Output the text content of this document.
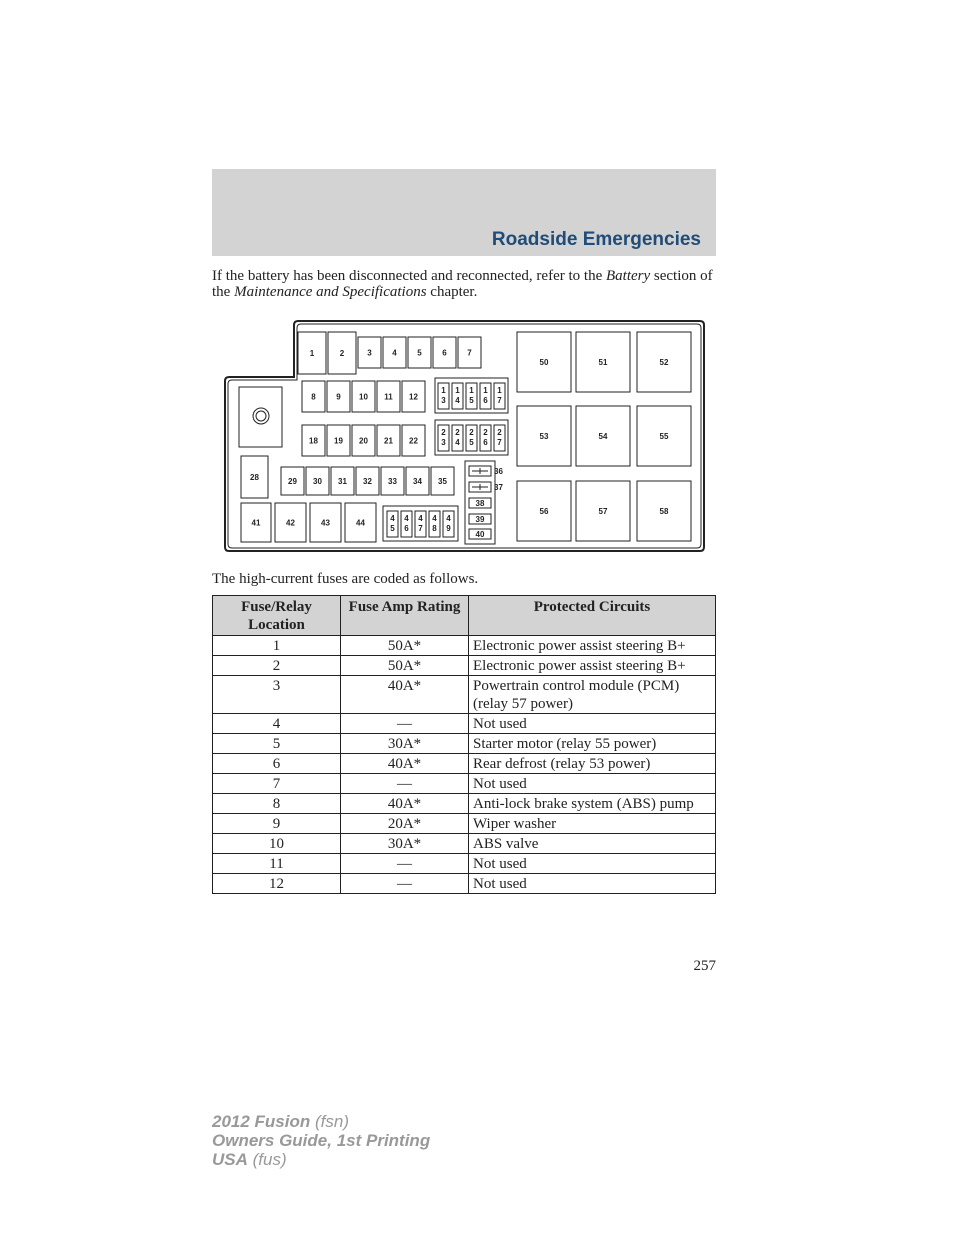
Roadside Emergencies
If the battery has been disconnected and reconnected, refer to the Battery section of the Maintenance and Specifications chapter.
1	2	3	4	5	6	7
8	9 10 11 12
1
3
1
4
1
5
1
6
1
7
18 19 20 21 22
2
3
2
4
2
5
2
6
2
7
28	29 30 31 32 33 34 35
36
37
38
39
40
41	42	43	44	4
5
4
6
4
7
4
8
4
9
50	51	52
53	54	55
56	57	58
The high-current fuses are coded as follows.
Fuse/Relay Location	Fuse Amp Rating	Protected Circuits
1	50A*	Electronic power assist steering B+
2	50A*	Electronic power assist steering B+
3	40A*	Powertrain control module (PCM) (relay 57 power)
4	—	Not used
5	30A*	Starter motor (relay 55 power)
6	40A*	Rear defrost (relay 53 power)
7	—	Not used
8	40A*	Anti-lock brake system (ABS) pump
9	20A*	Wiper washer
10	30A*	ABS valve
11	—	Not used
12	—	Not used
257
2012 Fusion (fsn)
Owners Guide, 1st Printing
USA (fus)
